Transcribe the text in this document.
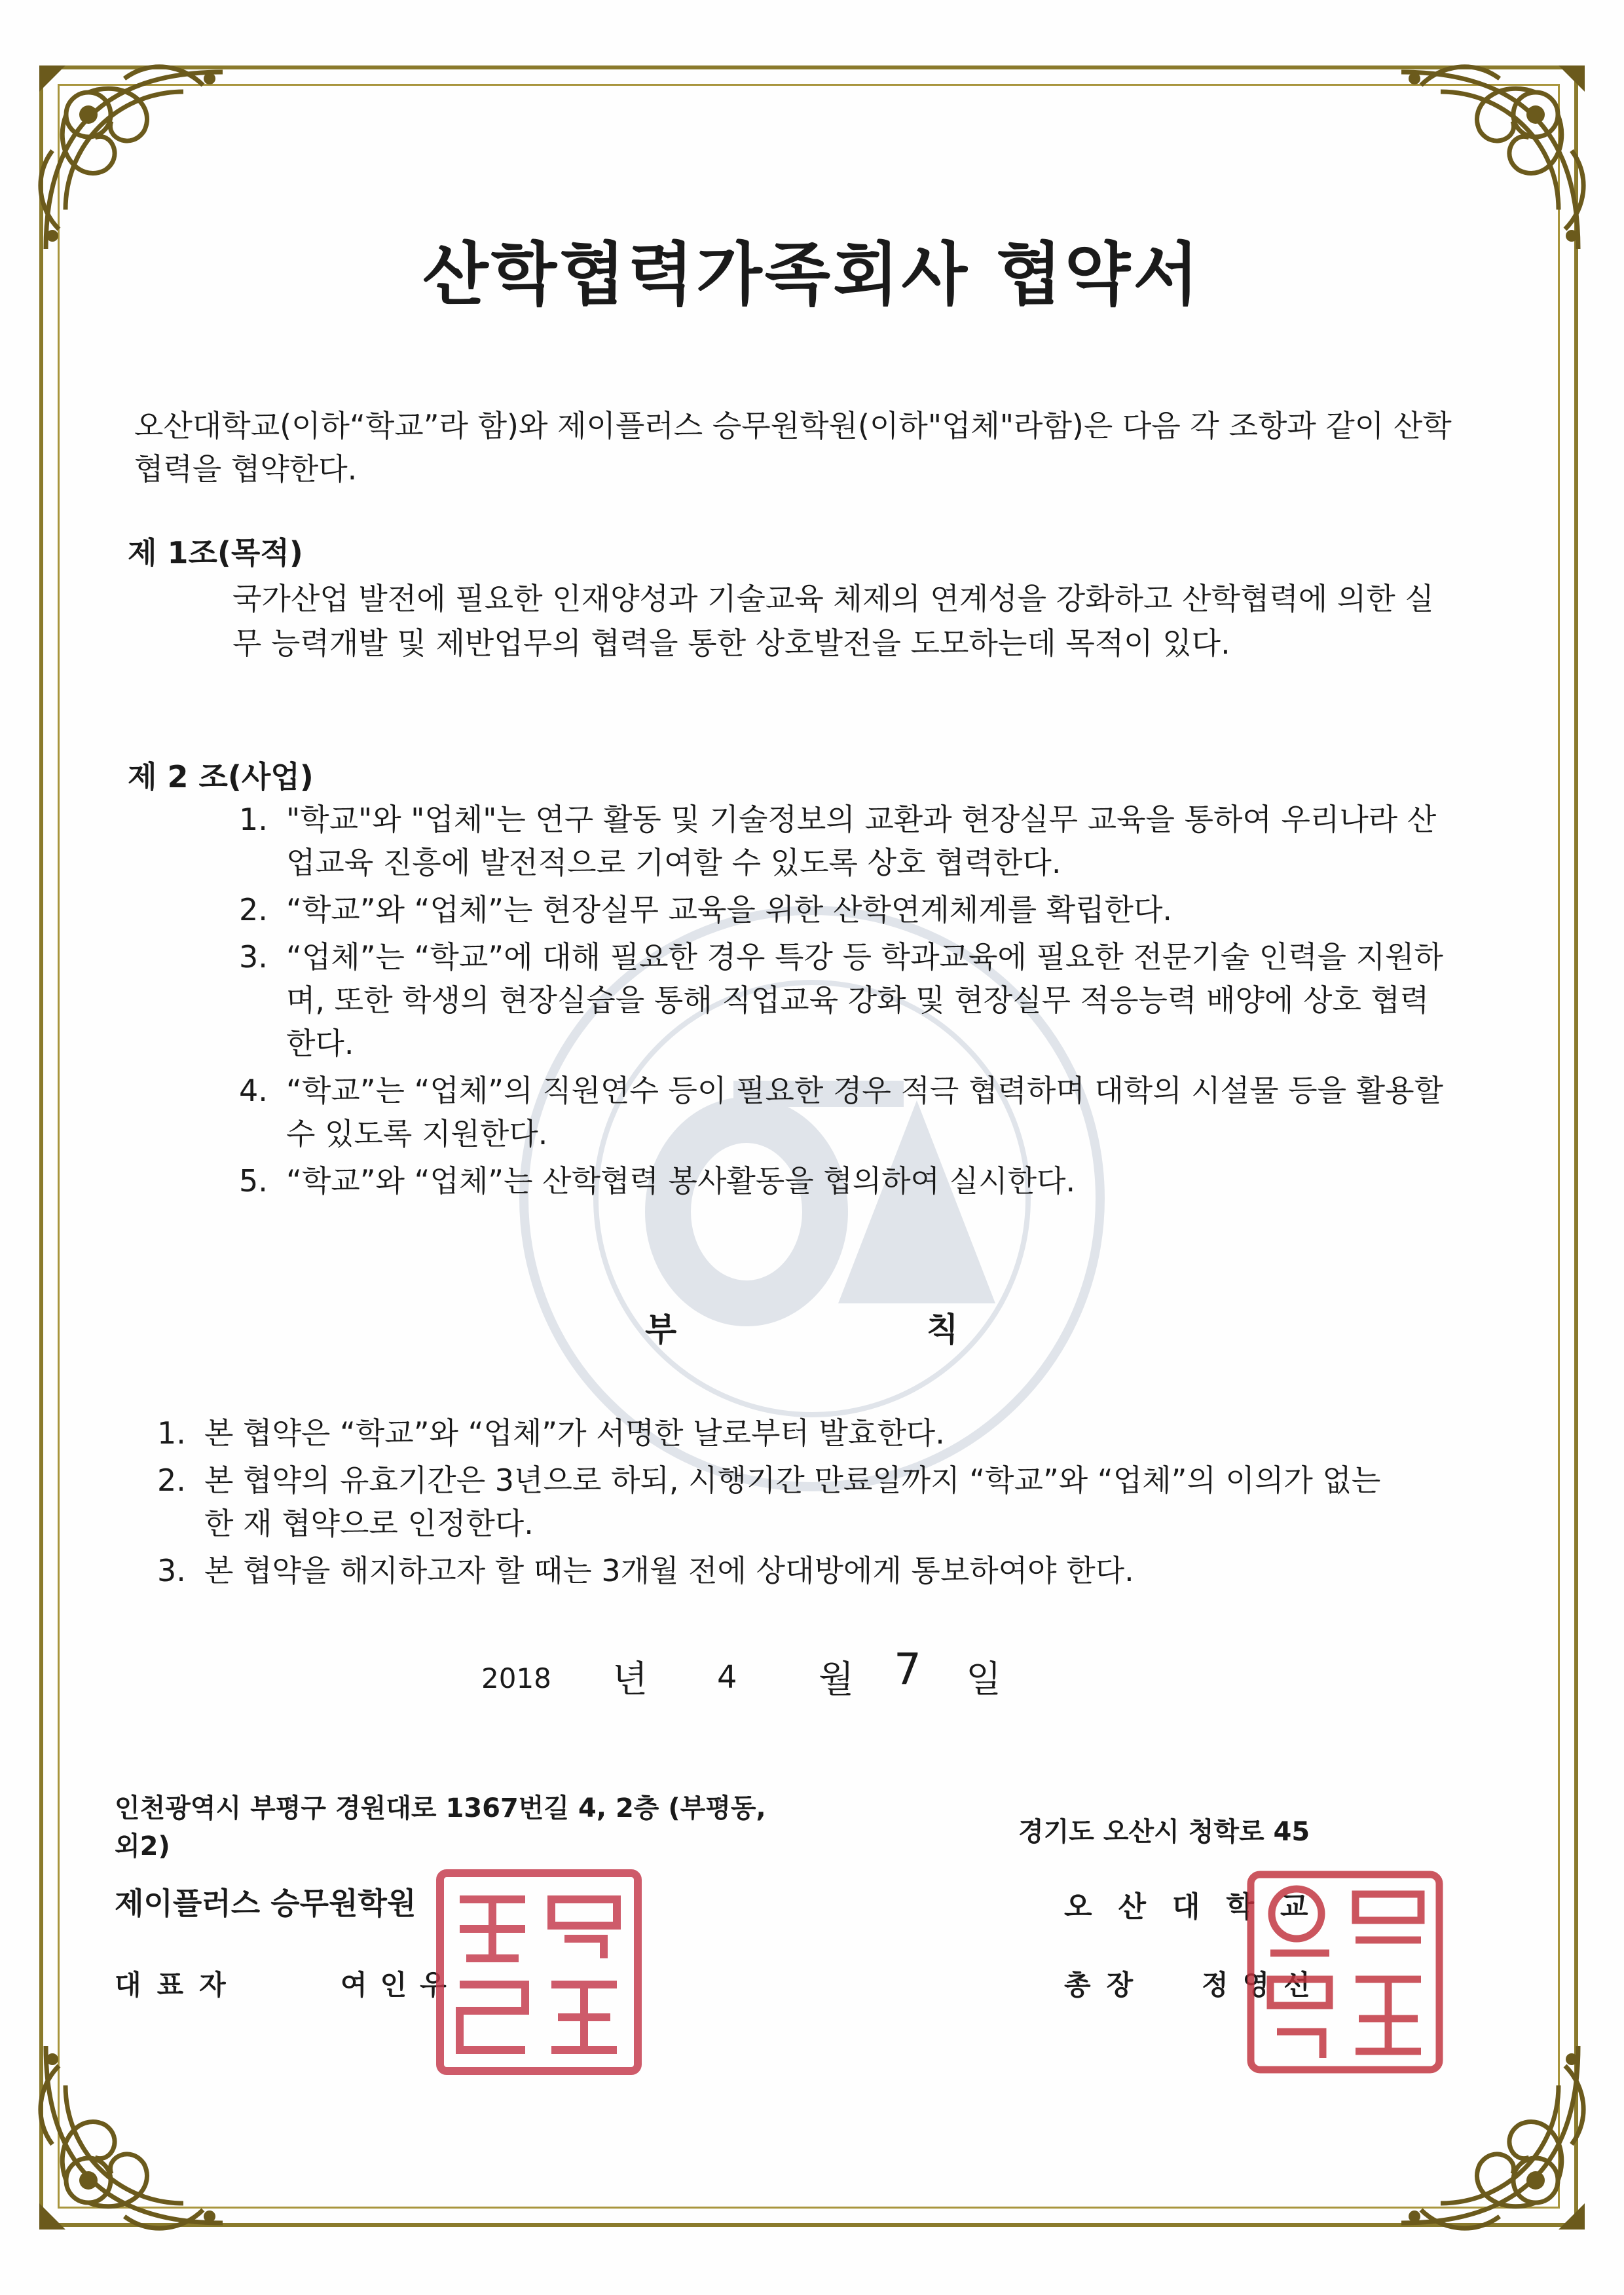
산학협력가족회사 협약서
오산대학교(이하“학교”라 함)와 제이플러스 승무원학원(이하"업체"라함)은 다음 각 조항과 같이 산학협력을 협약한다.
제 1조(목적)
국가산업 발전에 필요한 인재양성과 기술교육 체제의 연계성을 강화하고 산학협력에 의한 실무 능력개발 및 제반업무의 협력을 통한 상호발전을 도모하는데 목적이 있다.
제 2 조(사업)
1. "학교"와 "업체"는 연구 활동 및 기술정보의 교환과 현장실무 교육을 통하여 우리나라 산업교육 진흥에 발전적으로 기여할 수 있도록 상호 협력한다.
2. “학교”와 “업체”는 현장실무 교육을 위한 산학연계체계를 확립한다.
3. “업체”는 “학교”에 대해 필요한 경우 특강 등 학과교육에 필요한 전문기술 인력을 지원하며, 또한 학생의 현장실습을 통해 직업교육 강화 및 현장실무 적응능력 배양에 상호 협력한다.
4. “학교”는 “업체”의 직원연수 등이 필요한 경우 적극 협력하며 대학의 시설물 등을 활용할 수 있도록 지원한다.
5. “학교”와 “업체”는 산학협력 봉사활동을 협의하여 실시한다.
부	칙
1. 본 협약은 “학교”와 “업체”가 서명한 날로부터 발효한다.
2. 본 협약의 유효기간은 3년으로 하되, 시행기간 만료일까지 “학교”와 “업체”의 이의가 없는 한 재 협약으로 인정한다.
3. 본 협약을 해지하고자 할 때는 3개월 전에 상대방에게 통보하여야 한다.
2018 년 4 월 7 일
인천광역시 부평구 경원대로 1367번길 4, 2층 (부평동, 외2)
제이플러스 승무원학원
대표자	여인우
경기도 오산시 청학로 45
오산대학교
총장 정영선
